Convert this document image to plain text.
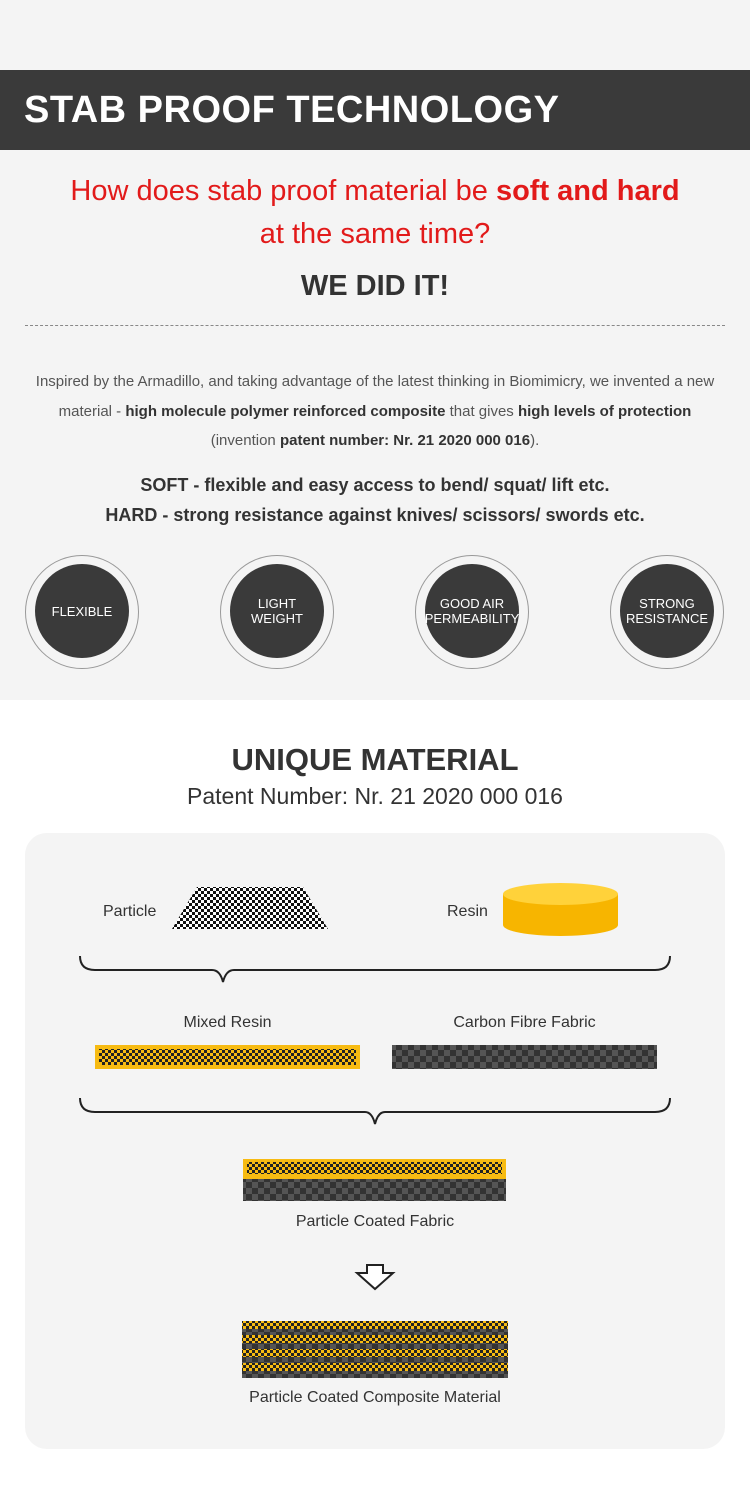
STAB PROOF TECHNOLOGY
How does stab proof material be soft and hard
at the same time?
WE DID IT!
Inspired by the Armadillo, and taking advantage of the latest thinking in Biomimicry, we invented a new material - high molecule polymer reinforced composite that gives high levels of protection
(invention patent number: Nr. 21 2020 000 016).
SOFT - flexible and easy access to bend/ squat/ lift etc.
HARD - strong resistance against knives/ scissors/ swords etc.
FLEXIBLE	LIGHT
WEIGHT
GOOD AIR
PERMEABILITY
STRONG
RESISTANCE
UNIQUE MATERIAL
Patent Number: Nr. 21 2020 000 016
Particle	Resin
Mixed Resin	Carbon Fibre Fabric
Particle Coated Fabric
Particle Coated Composite Material
